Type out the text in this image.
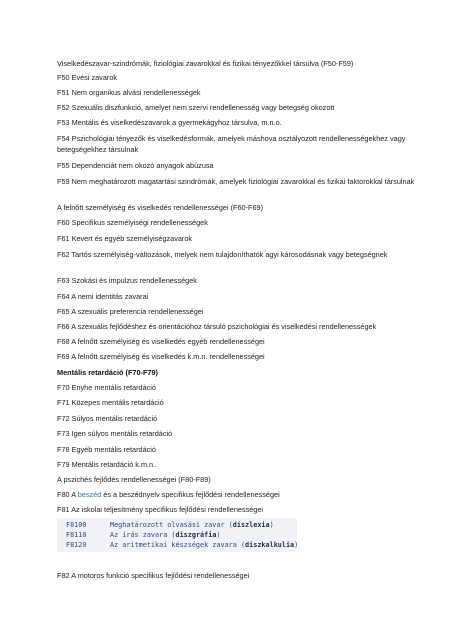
Viselkedészavar-szindrómák, fiziológiai zavarokkal és fizikai tényezőkkel társulva (F50-F59)
F50 Evési zavarok
F51 Nem organikus alvási rendellenességek
F52 Szexuális diszfunkció, amelyet nem szervi rendellenesség vagy betegség okozott
F53 Mentális és viselkedészavarok a gyermekágyhoz társulva, m.n.o.
F54 Pszichológiai tényezők és viselkedésformák, amelyek máshova osztályozott rendellenességekhez vagy betegségekhez társulnak
F55 Dependenciát nem okozó anyagok abúzusa
F59 Nem meghatározott magatartási szindrómák, amelyek fiziológiai zavarokkal és fizikai faktorokkal társulnak
A felnőtt személyiség és viselkedés rendellenességei (F60-F69)
F60 Specifikus személyiségi rendellenességek
F61 Kevert és egyéb személyiségzavarok
F62 Tartós személyiség-változások, melyek nem tulajdoníthatók agyi károsodásnak vagy betegségnek
F63 Szokási és impulzus rendellenességek
F64 A nemi identitás zavarai
F65 A szexuális preferencia rendellenességei
F66 A szexuális fejlődéshez és orientációhoz társuló pszichológiai és viselkedési rendellenességek
F68 A felnőtt személyiség és viselkedés egyéb rendellenességei
F69 A felnőtt személyiség és viselkedés k.m.n. rendellenességei
Mentális retardáció (F70-F79)
F70 Enyhe mentális retardáció
F71 Közepes mentális retardáció
F72 Súlyos mentális retardáció
F73 Igen súlyos mentális retardáció
F78 Egyéb mentális retardáció
F79 Mentális retardáció k.m.n..
A pszichés fejlődés rendellenességei (F80-F89)
F80 A beszéd és a beszédnyelv specifikus fejlődési rendellenességei
F81 Az iskolai teljesítmény specifikus fejlődési rendellenességei
F8100	Meghatározott olvasási zavar (diszlexia)
F8110	Az írás zavara (diszgráfia)
F8120	Az aritmetikai készségek zavara (diszkalkulia)
F82 A motoros funkció specifikus fejlődési rendellenességei
